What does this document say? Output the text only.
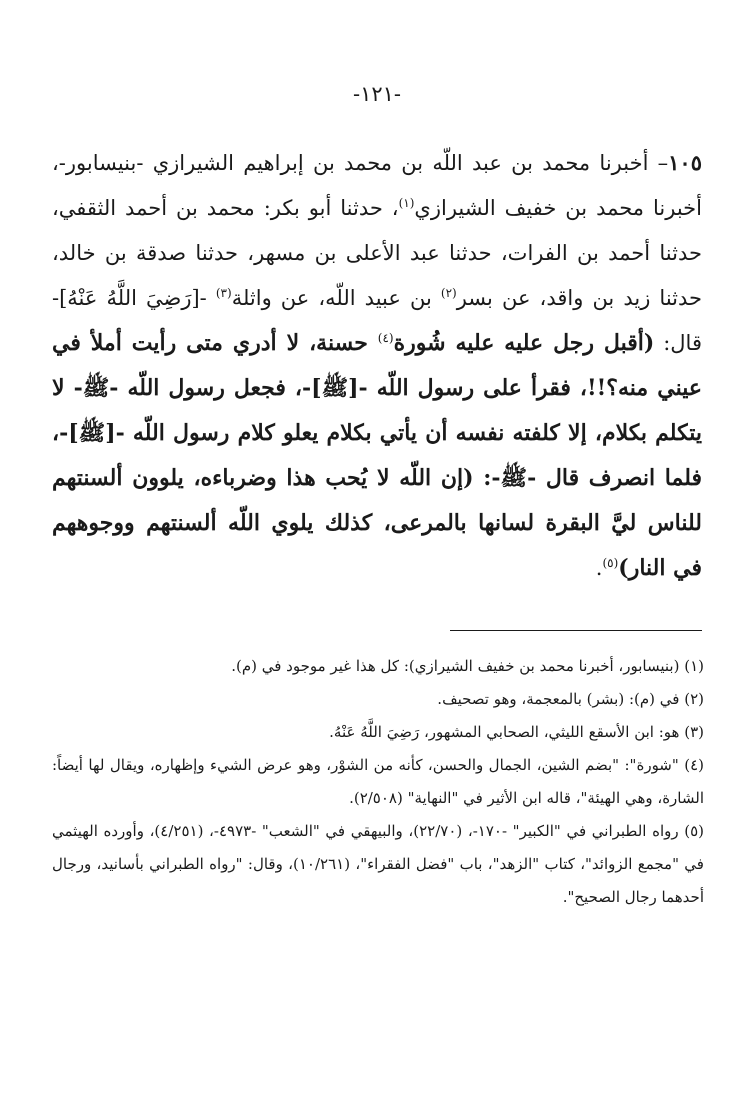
-١٢١-
١٠٥– أخبرنا محمد بن عبد اللّه بن محمد بن إبراهيم الشيرازي -بنيسابور-، أخبرنا محمد بن خفيف الشيرازي$^{(١)}$، حدثنا أبو بكر: محمد بن أحمد الثقفي، حدثنا أحمد بن الفرات، حدثنا عبد الأعلى بن مسهر، حدثنا صدقة بن خالد، حدثنا زيد بن واقد، عن بسر$^{(٢)}$ بن عبيد اللّه، عن واثلة$^{(٣)}$ -[رَضِيَ اللَّهُ عَنْهُ]- قال: (أقبل رجل عليه عليه شُورة$^{(٤)}$ حسنة، لا أدري متى رأيت أملأ في عيني منه؟!!، فقرأ على رسول اللّه -[ﷺ]-، فجعل رسول اللّه -ﷺ- لا يتكلم بكلام، إلا كلفته نفسه أن يأتي بكلام يعلو كلام رسول اللّه -[ﷺ]-، فلما انصرف قال -ﷺ-: (إن اللّه لا يُحب هذا وضرباءه، يلوون ألسنتهم للناس ليَّ البقرة لسانها بالمرعى، كذلك يلوي اللّه ألسنتهم ووجوههم في النار)$^{(٥)}$.

(١) (بنيسابور، أخبرنا محمد بن خفيف الشيرازي): كل هذا غير موجود في (م).

(٢) في (م): (بشر) بالمعجمة، وهو تصحيف.

(٣) هو: ابن الأسقع الليثي، الصحابي المشهور، رَضِيَ اللَّهُ عَنْهُ.

(٤) "شورة": "بضم الشين، الجمال والحسن، كأنه من الشوْر، وهو عرض الشيء وإظهاره، ويقال لها أيضاً: الشارة، وهي الهيئة"، قاله ابن الأثير في "النهاية" (٢/٥٠٨).

(٥) رواه الطبراني في "الكبير" -١٧٠-، (٢٢/٧٠)، والبيهقي في "الشعب" -٤٩٧٣-، (٤/٢٥١)، وأورده الهيثمي في "مجمع الزوائد"، كتاب "الزهد"، باب "فضل الفقراء"، (١٠/٢٦١)، وقال: "رواه الطبراني بأسانيد، ورجال أحدهما رجال الصحيح".
